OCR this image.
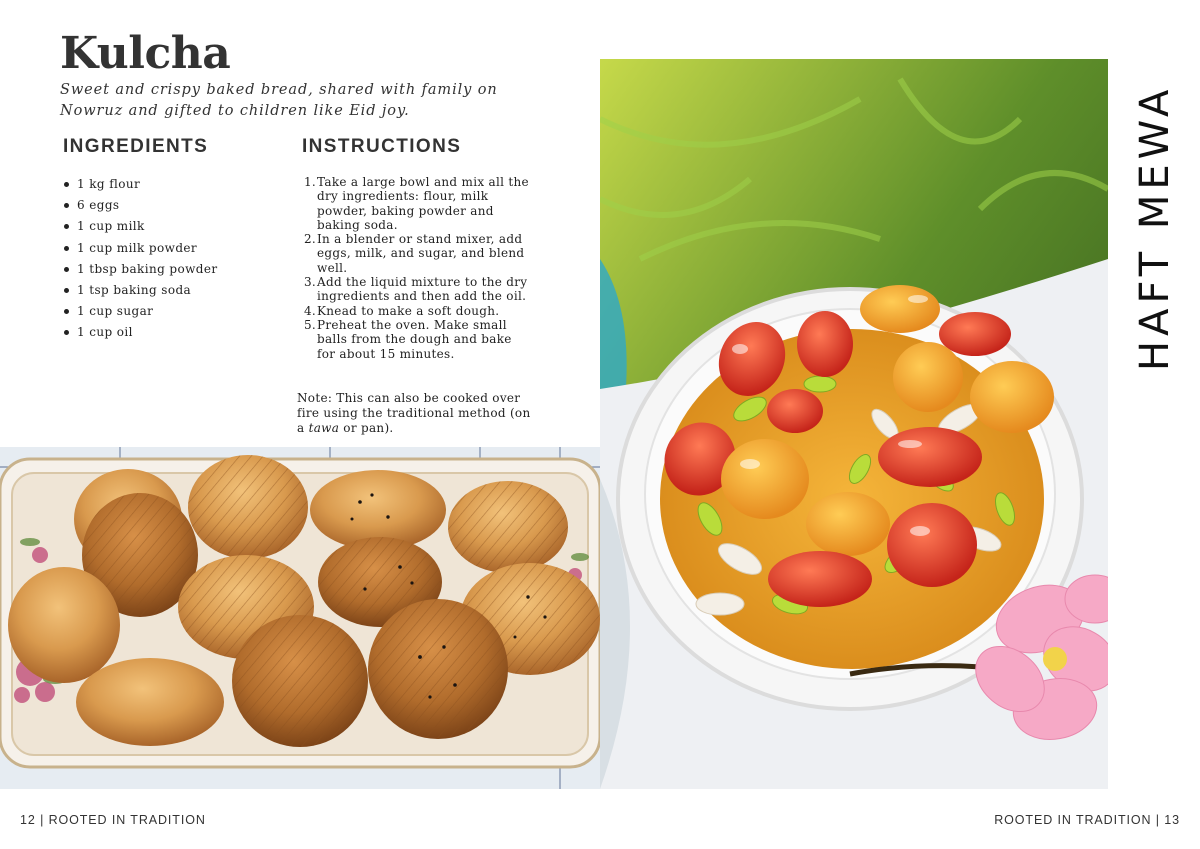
Kulcha

Sweet and crispy baked bread, shared with family on Nowruz and gifted to children like Eid joy.

INGREDIENTS	INSTRUCTIONS
1 kg flour
6 eggs
1 cup milk
1 cup milk powder
1 tbsp baking powder
1 tsp baking soda
1 cup sugar
1 cup oil
1. Take a large bowl and mix all the dry ingredients: flour, milk powder, baking powder and baking soda.
2. In a blender or stand mixer, add eggs, milk, and sugar, and blend well.
3. Add the liquid mixture to the dry ingredients and then add the oil.
4. Knead to make a soft dough.
5. Preheat the oven. Make small balls from the dough and bake for about 15 minutes.

Note: This can also be cooked over fire using the traditional method (on a tawa or pan).

HAFT MEWA
12 | ROOTED IN TRADITION	ROOTED IN TRADITION | 13
